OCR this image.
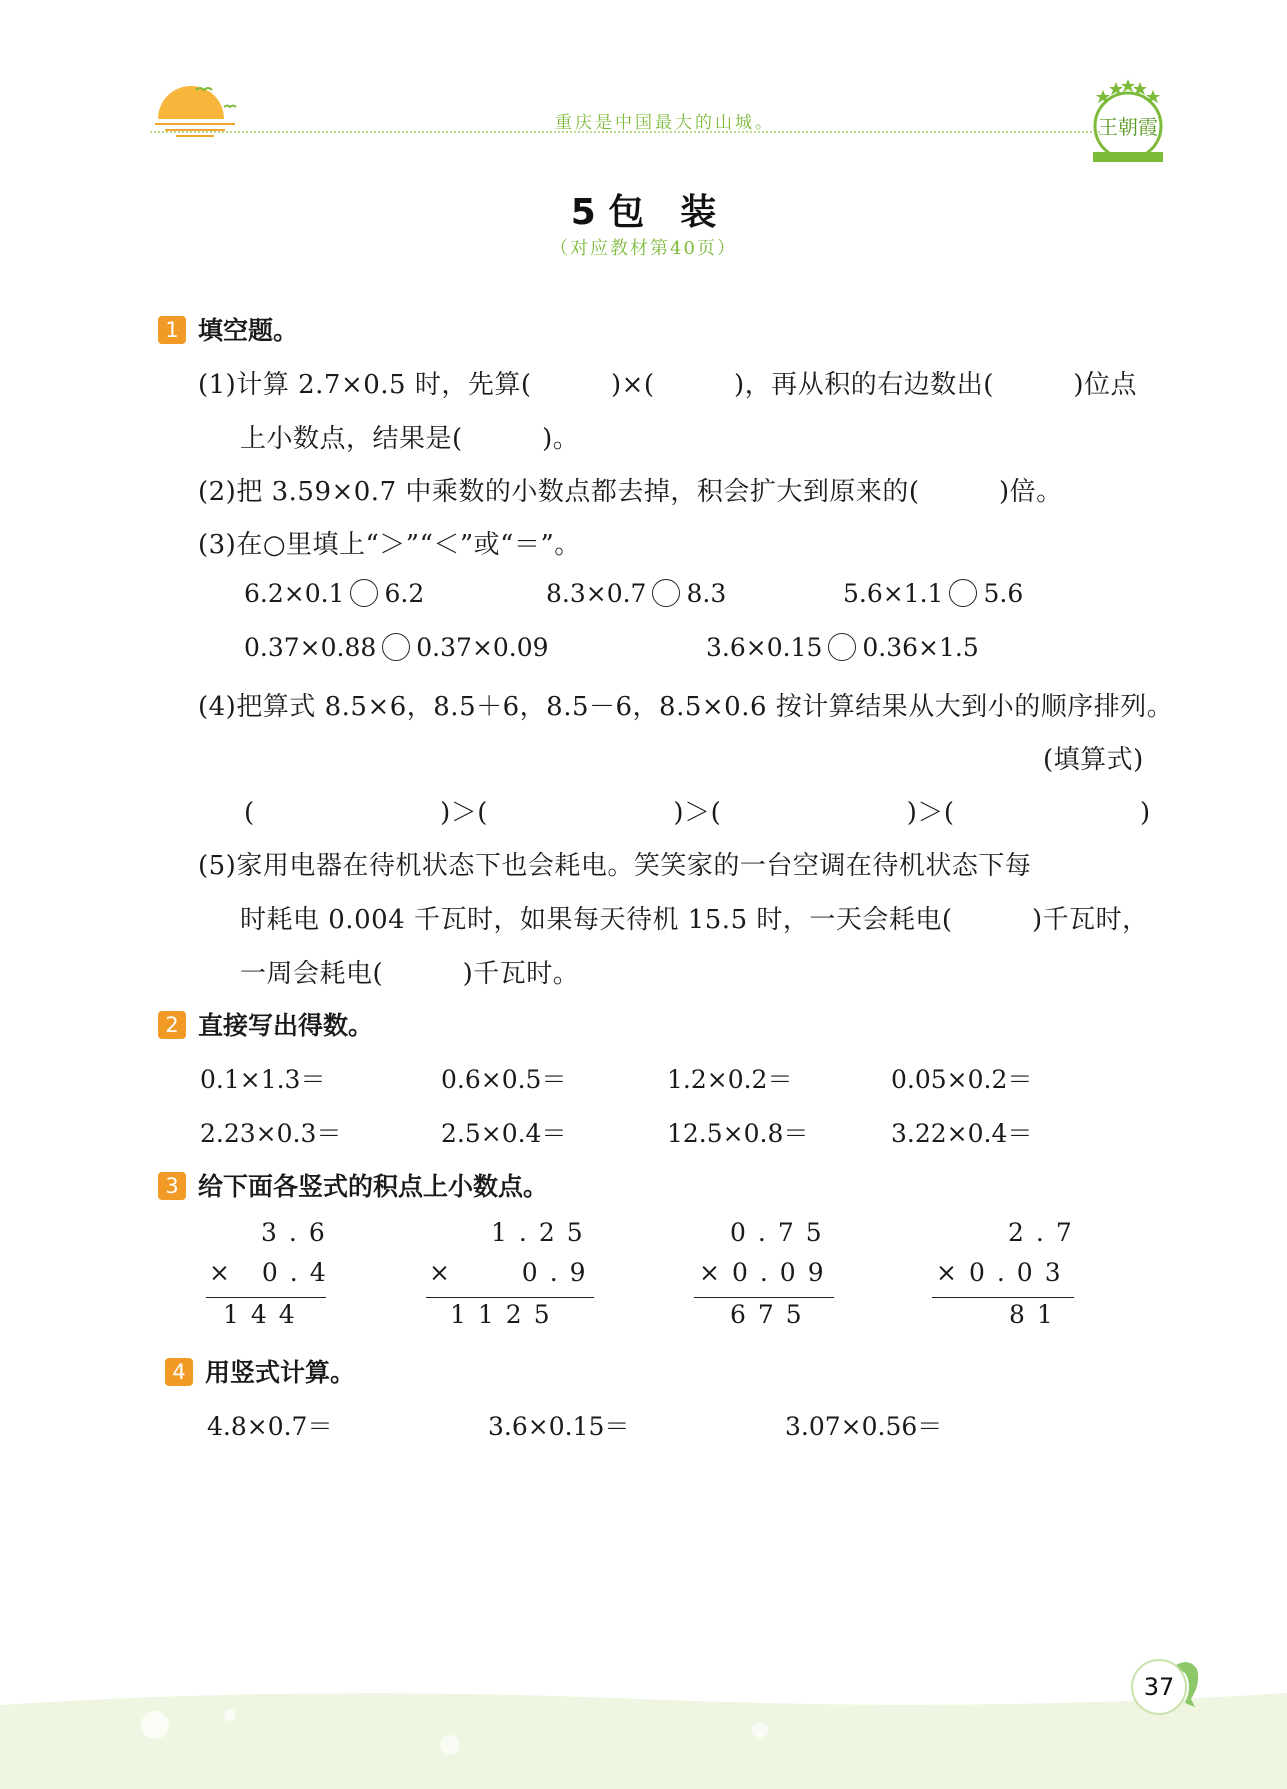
重庆是中国最大的山城。	王朝霞
5 包　装
（对应教材第40页）
1 填空题。
(1)计算 2.7×0.5 时，先算(　　　)×(　　　)，再从积的右边数出(　　　)位点
上小数点，结果是(　　　)。
(2)把 3.59×0.7 中乘数的小数点都去掉，积会扩大到原来的(　　　)倍。
(3)在○里填上“＞”“＜”或“＝”。
6.2×0.1 6.2	8.3×0.7 8.3	5.6×1.1 5.6
0.37×0.88 0.37×0.09	3.6×0.15 0.36×1.5
(4)把算式 8.5×6，8.5＋6，8.5－6，8.5×0.6 按计算结果从大到小的顺序排列。
(填算式)
(　　　　　　　)＞(　　　　　　　)＞(　　　　　　　)＞(　　　　　　　)
(5)家用电器在待机状态下也会耗电。笑笑家的一台空调在待机状态下每
时耗电 0.004 千瓦时，如果每天待机 15.5 时，一天会耗电(　　　)千瓦时，
一周会耗电(　　　)千瓦时。
2 直接写出得数。
0.1×1.3＝	0.6×0.5＝	1.2×0.2＝	0.05×0.2＝
2.23×0.3＝	2.5×0.4＝	12.5×0.8＝	3.22×0.4＝
3 给下面各竖式的积点上小数点。
3.6
× 0.4
144
1.25
×   0.9
1125
0.75
×0.09
675
2.7
×0.03
81
4 用竖式计算。
4.8×0.7＝	3.6×0.15＝	3.07×0.56＝
37
